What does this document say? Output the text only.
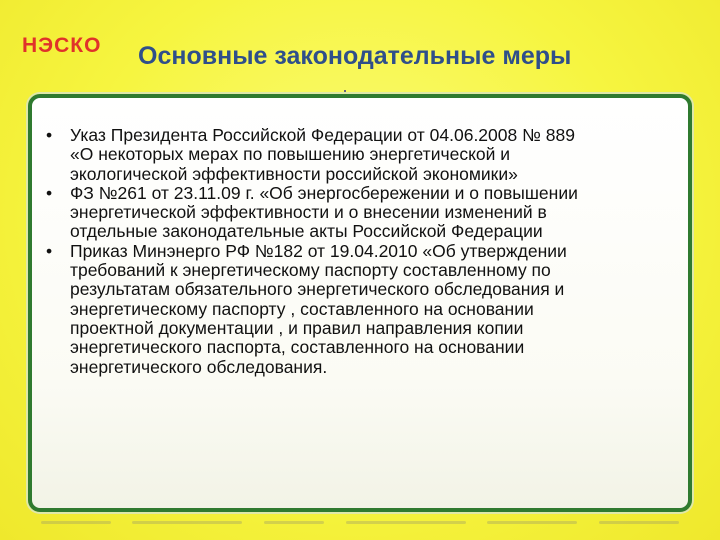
НЭСКО Основные законодательные меры
• Указ Президента Российской Федерации от 04.06.2008 № 889
«О некоторых мерах по повышению энергетической и
экологической эффективности российской экономики»
• ФЗ №261 от 23.11.09 г. «Об энергосбережении и о повышении
энергетической эффективности и о внесении изменений в
отдельные законодательные акты Российской Федерации
• Приказ Минэнерго РФ №182 от 19.04.2010 «Об утверждении
требований к энергетическому паспорту составленному по
результатам обязательного энергетического обследования и
энергетическому паспорту , составленного на основании
проектной документации , и правил направления копии
энергетического паспорта, составленного на основании
энергетического обследования.
